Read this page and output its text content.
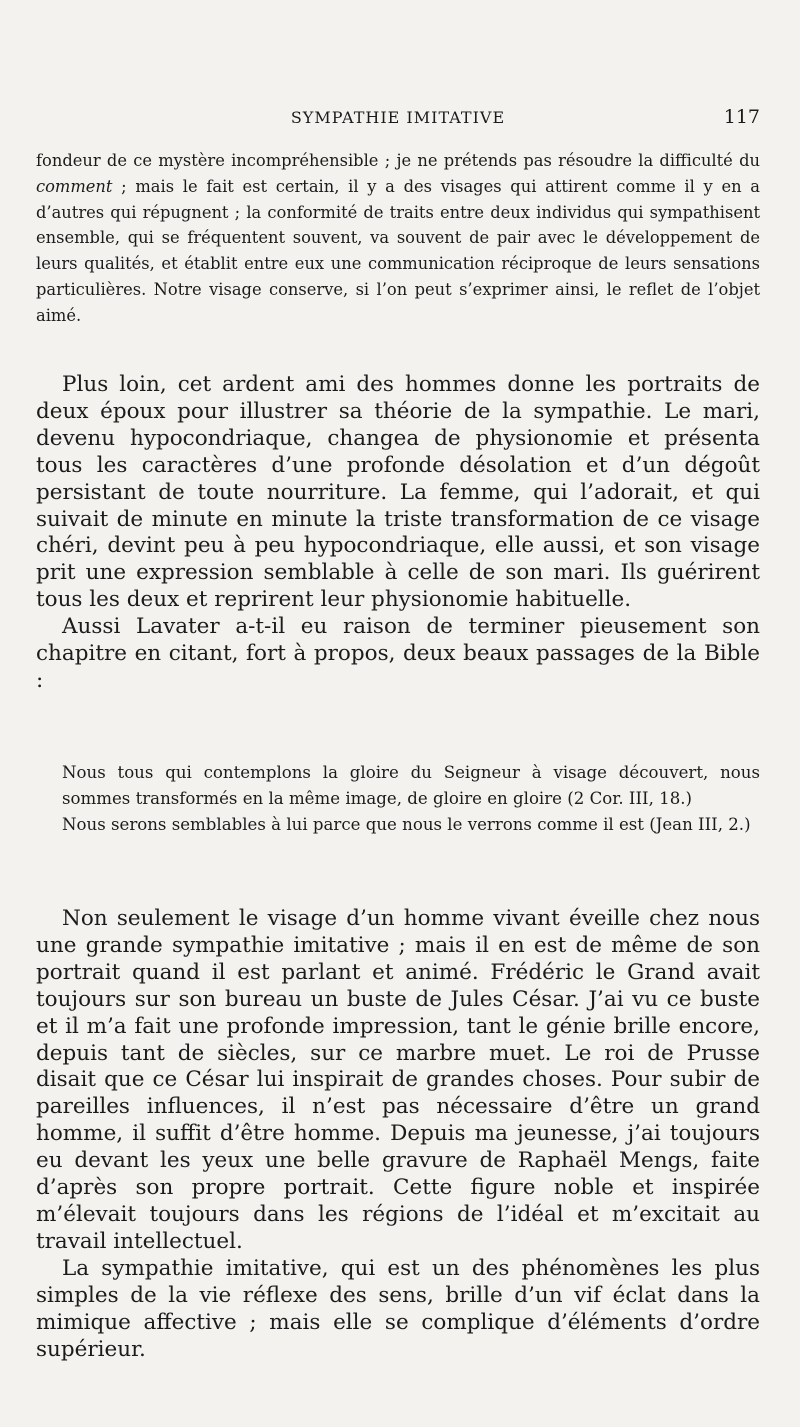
SYMPATHIE IMITATIVE	117

fondeur de ce mystère incompréhensible ; je ne prétends pas résoudre la difficulté du comment ; mais le fait est certain, il y a des visages qui attirent comme il y en a d’autres qui répugnent ; la conformité de traits entre deux individus qui sympathisent ensemble, qui se fréquentent souvent, va souvent de pair avec le développement de leurs qualités, et établit entre eux une communication réciproque de leurs sensations particulières. Notre visage conserve, si l’on peut s’exprimer ainsi, le reflet de l’objet aimé.

Plus loin, cet ardent ami des hommes donne les portraits de deux époux pour illustrer sa théorie de la sympathie. Le mari, devenu hypocondriaque, changea de physionomie et présenta tous les caractères d’une profonde désolation et d’un dégoût persistant de toute nourriture. La femme, qui l’adorait, et qui suivait de minute en minute la triste transformation de ce visage chéri, devint peu à peu hypocondriaque, elle aussi, et son visage prit une expression semblable à celle de son mari. Ils guérirent tous les deux et reprirent leur physionomie habituelle.

Aussi Lavater a-t-il eu raison de terminer pieusement son chapitre en citant, fort à propos, deux beaux passages de la Bible :

Nous tous qui contemplons la gloire du Seigneur à visage découvert, nous sommes transformés en la même image, de gloire en gloire (2 Cor. III, 18.)

Nous serons semblables à lui parce que nous le verrons comme il est (Jean III, 2.)

Non seulement le visage d’un homme vivant éveille chez nous une grande sympathie imitative ; mais il en est de même de son portrait quand il est parlant et animé. Frédéric le Grand avait toujours sur son bureau un buste de Jules César. J’ai vu ce buste et il m’a fait une profonde impression, tant le génie brille encore, depuis tant de siècles, sur ce marbre muet. Le roi de Prusse disait que ce César lui inspirait de grandes choses. Pour subir de pareilles influences, il n’est pas nécessaire d’être un grand homme, il suffit d’être homme. Depuis ma jeunesse, j’ai toujours eu devant les yeux une belle gravure de Raphaël Mengs, faite d’après son propre portrait. Cette figure noble et inspirée m’élevait toujours dans les régions de l’idéal et m’excitait au travail intellectuel.

La sympathie imitative, qui est un des phénomènes les plus simples de la vie réflexe des sens, brille d’un vif éclat dans la mimique affective ; mais elle se complique d’éléments d’ordre supérieur.
